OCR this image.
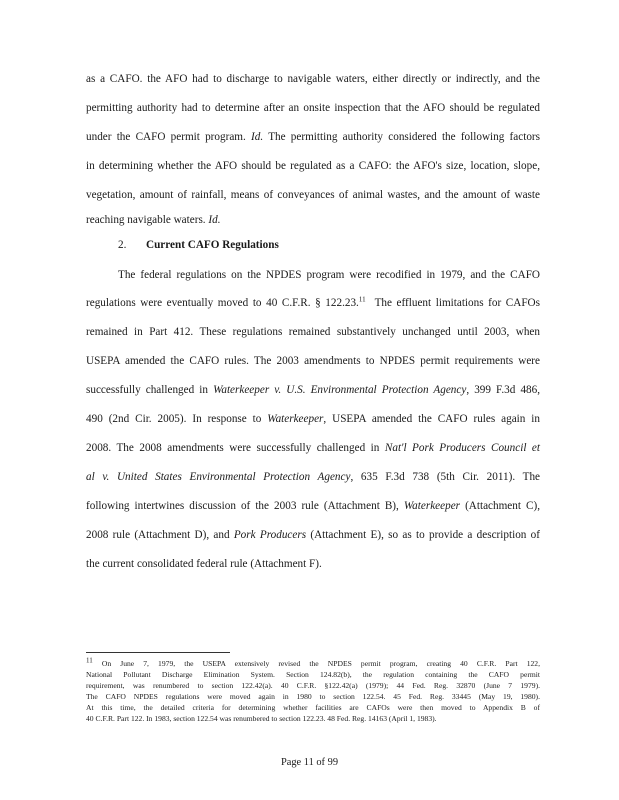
as a CAFO. the AFO had to discharge to navigable waters, either directly or indirectly, and the
permitting authority had to determine after an onsite inspection that the AFO should be regulated
under the CAFO permit program. Id. The permitting authority considered the following factors
in determining whether the AFO should be regulated as a CAFO: the AFO's size, location, slope,
vegetation, amount of rainfall, means of conveyances of animal wastes, and the amount of waste
reaching navigable waters. Id.
2. Current CAFO Regulations
The federal regulations on the NPDES program were recodified in 1979, and the CAFO
regulations were eventually moved to 40 C.F.R. § 122.23.11 The effluent limitations for CAFOs
remained in Part 412. These regulations remained substantively unchanged until 2003, when
USEPA amended the CAFO rules. The 2003 amendments to NPDES permit requirements were
successfully challenged in Waterkeeper v. U.S. Environmental Protection Agency, 399 F.3d 486,
490 (2nd Cir. 2005). In response to Waterkeeper, USEPA amended the CAFO rules again in
2008. The 2008 amendments were successfully challenged in Nat'l Pork Producers Council et
al v. United States Environmental Protection Agency, 635 F.3d 738 (5th Cir. 2011). The
following intertwines discussion of the 2003 rule (Attachment B), Waterkeeper (Attachment C),
2008 rule (Attachment D), and Pork Producers (Attachment E), so as to provide a description of
the current consolidated federal rule (Attachment F).
$^{11}$ On June 7, 1979, the USEPA extensively revised the NPDES permit program, creating 40 C.F.R. Part 122,
National Pollutant Discharge Elimination System. Section 124.82(b), the regulation containing the CAFO permit
requirement, was renumbered to section 122.42(a). 40 C.F.R. §122.42(a) (1979); 44 Fed. Reg. 32870 (June 7 1979).
The CAFO NPDES regulations were moved again in 1980 to section 122.54. 45 Fed. Reg. 33445 (May 19, 1980).
At this time, the detailed criteria for determining whether facilities are CAFOs were then moved to Appendix B of
40 C.F.R. Part 122. In 1983, section 122.54 was renumbered to section 122.23. 48 Fed. Reg. 14163 (April 1, 1983).
Page 11 of 99
